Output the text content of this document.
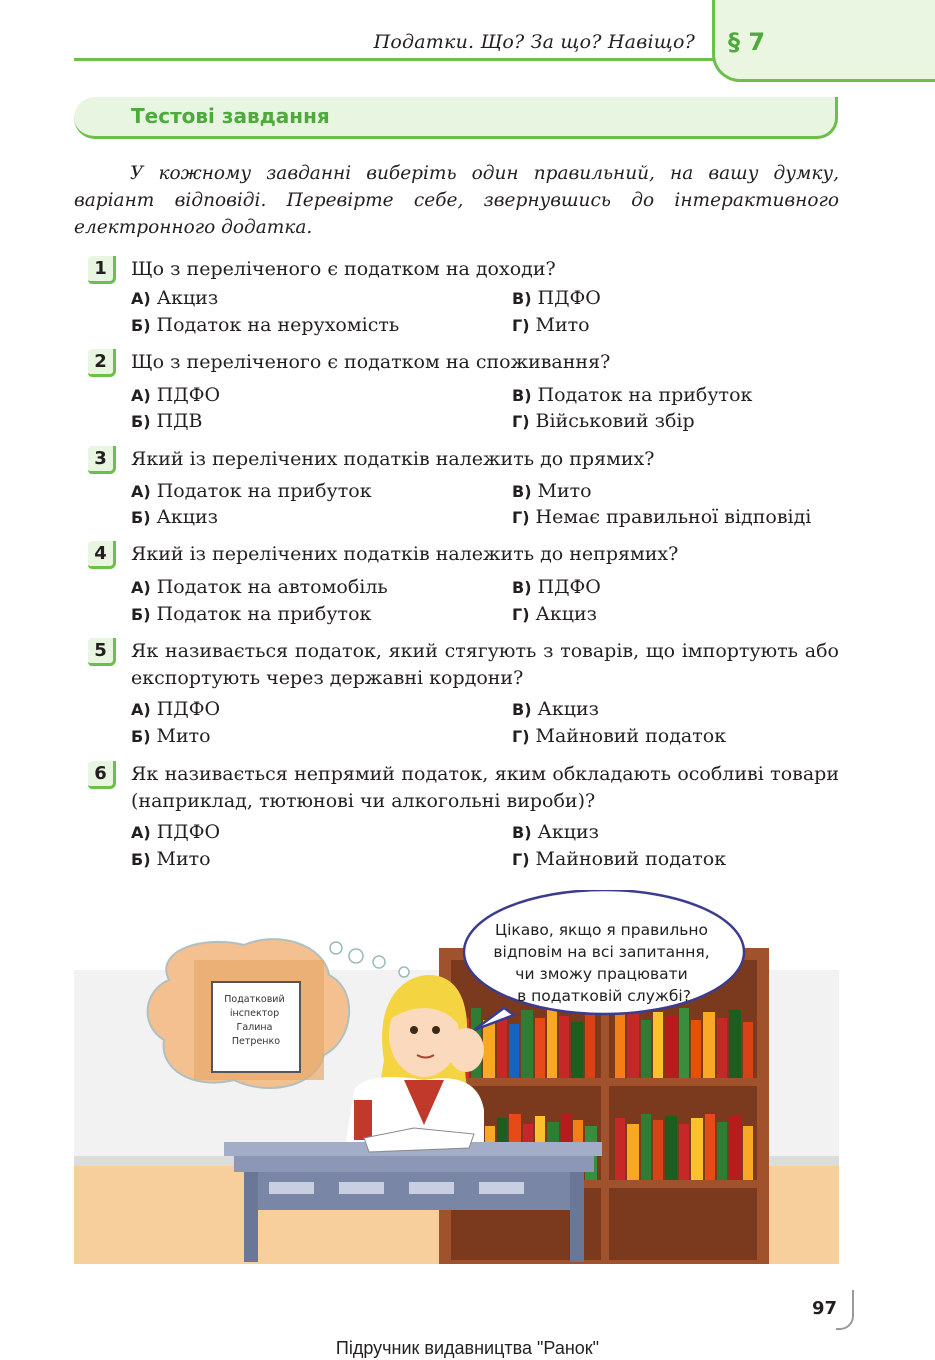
Податки. Що? За що? Навіщо? § 7
Тестові завдання
У кожному завданні виберіть один правильний, на вашу думку, варіант відповіді. Перевірте себе, звернувшись до інтерактивного електронного додатка.
1	Що з переліченого є податком на доходи?
А) Акциз	В) ПДФО
Б) Податок на нерухомість	Г) Мито
2	Що з переліченого є податком на споживання?
А) ПДФО	В) Податок на прибуток
Б) ПДВ	Г) Військовий збір
3	Який із перелічених податків належить до прямих?
А) Податок на прибуток	В) Мито
Б) Акциз	Г) Немає правильної відповіді
4	Який із перелічених податків належить до непрямих?
А) Податок на автомобіль	В) ПДФО
Б) Податок на прибуток	Г) Акциз
5	Як називається податок, який стягують з товарів, що імпортують або експортують через державні кордони?
А) ПДФО	В) Акциз
Б) Мито	Г) Майновий податок
6	Як називається непрямий податок, яким обкладають особливі товари (наприклад, тютюнові чи алкогольні вироби)?
А) ПДФО	В) Акциз
Б) Мито	Г) Майновий податок
Податковий інспектор Галина Петренко
Цікаво, якщо я правильно відповім на всі запитання, чи зможу працювати в податковій службі?
97
Підручник видавництва "Ранок"
